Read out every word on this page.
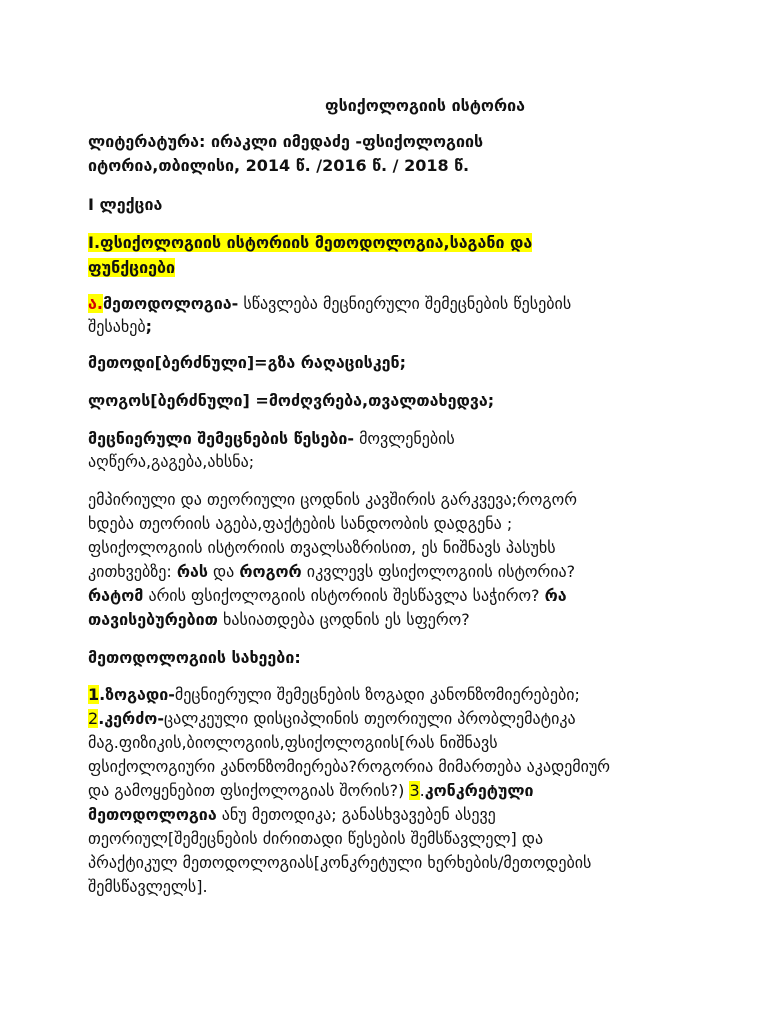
ფსიქოლოგიის ისტორია
ლიტერატურა: ირაკლი იმედაძე -ფსიქოლოგიის
იტორია,თბილისი, 2014 წ. /2016 წ. / 2018 წ.
I ლექცია
I.ფსიქოლოგიის ისტორიის მეთოდოლოგია,საგანი და
ფუნქციები
ა.მეთოდოლოგია- სწავლება მეცნიერული შემეცნების წესების
შესახებ;
მეთოდი[ბერძნული]=გზა რაღაცისკენ;
ლოგოს[ბერძნული] =მოძღვრება,თვალთახედვა;
მეცნიერული შემეცნების წესები- მოვლენების
აღწერა,გაგება,ახსნა;
ემპირიული და თეორიული ცოდნის კავშირის გარკვევა;როგორ
ხდება თეორიის აგება,ფაქტების სანდოობის დადგენა ;
ფსიქოლოგიის ისტორიის თვალსაზრისით, ეს ნიშნავს პასუხს
კითხვებზე: რას და როგორ იკვლევს ფსიქოლოგიის ისტორია?
რატომ არის ფსიქოლოგიის ისტორიის შესწავლა საჭირო? რა
თავისებურებით ხასიათდება ცოდნის ეს სფერო?
მეთოდოლოგიის სახეები:
1.ზოგადი-მეცნიერული შემეცნების ზოგადი კანონზომიერებები;
2.კერძო-ცალკეული დისციპლინის თეორიული პრობლემატიკა
მაგ.ფიზიკის,ბიოლოგიის,ფსიქოლოგიის[რას ნიშნავს
ფსიქოლოგიური კანონზომიერება?როგორია მიმართება აკადემიურ
და გამოყენებით ფსიქოლოგიას შორის?) 3.კონკრეტული
მეთოდოლოგია ანუ მეთოდიკა; განასხვავებენ ასევე
თეორიულ[შემეცნების ძირითადი წესების შემსწავლელ] და
პრაქტიკულ მეთოდოლოგიას[კონკრეტული ხერხების/მეთოდების
შემსწავლელს].
